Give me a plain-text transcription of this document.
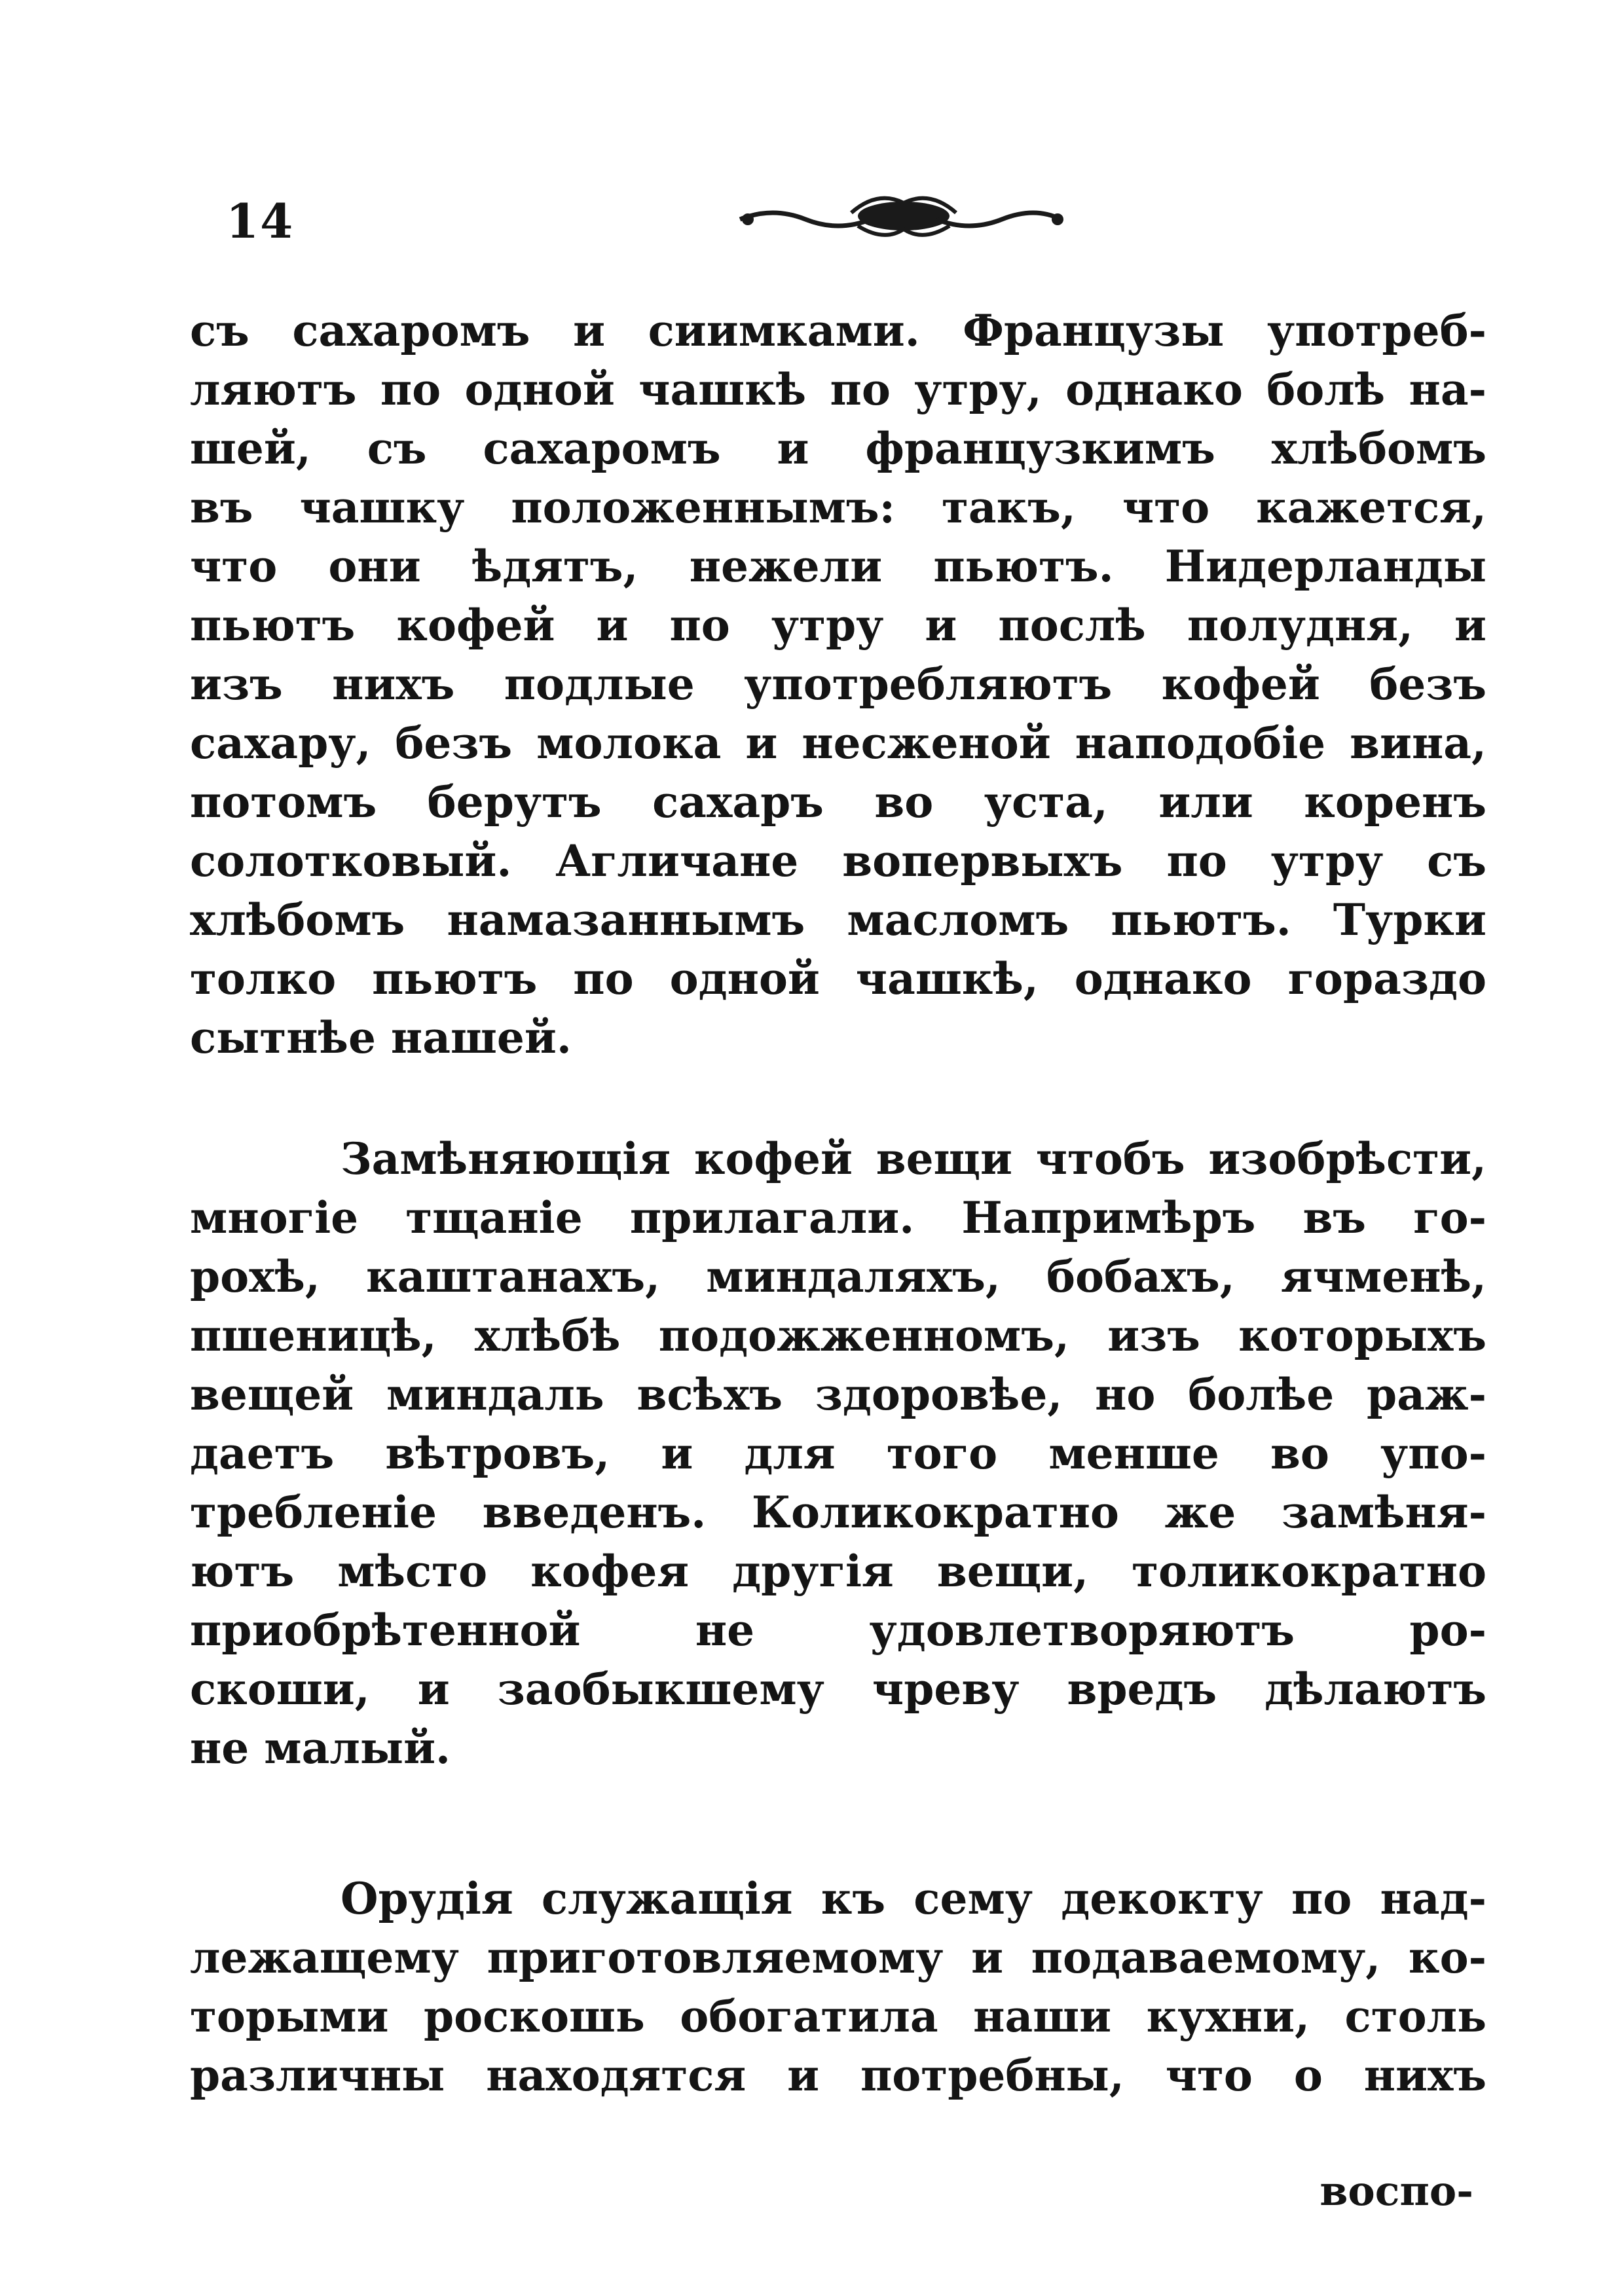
14

съ сахаромъ и сиимками. Французы употреб-
ляютъ по одной чашкѣ по утру, однако болѣ на-
шей, съ сахаромъ и французкимъ хлѣбомъ
въ чашку положеннымъ: такъ, что кажется,
что они ѣдятъ, нежели пьютъ. Нидерланды
пьютъ кофей и по утру и послѣ полудня, и
изъ нихъ подлые употребляютъ кофей безъ
сахару, безъ молока и несженой наподобіе вина,
потомъ берутъ сахаръ во уста, или коренъ
солотковый. Агличане вопервыхъ по утру съ
хлѣбомъ намазаннымъ масломъ пьютъ. Турки
толко пьютъ по одной чашкѣ, однако гораздо
сытнѣе нашей.

Замѣняющія кофей вещи чтобъ изобрѣсти,
многіе тщаніе прилагали. Напримѣръ въ го-
рохѣ, каштанахъ, миндаляхъ, бобахъ, ячменѣ,
пшеницѣ, хлѣбѣ подожженномъ, изъ которыхъ
вещей миндаль всѣхъ здоровѣе, но болѣе раж-
даетъ вѣтровъ, и для того менше во упо-
требленіе введенъ. Коликократно же замѣня-
ютъ мѣсто кофея другія вещи, толикократно
приобрѣтенной не удовлетворяютъ ро-
скоши, и заобыкшему чреву вредъ дѣлаютъ
не малый.

Орудія служащія къ сему декокту по над-
лежащему приготовляемому и подаваемому, ко-
торыми роскошь обогатила наши кухни, столь
различны находятся и потребны, что о нихъ

воспо-
